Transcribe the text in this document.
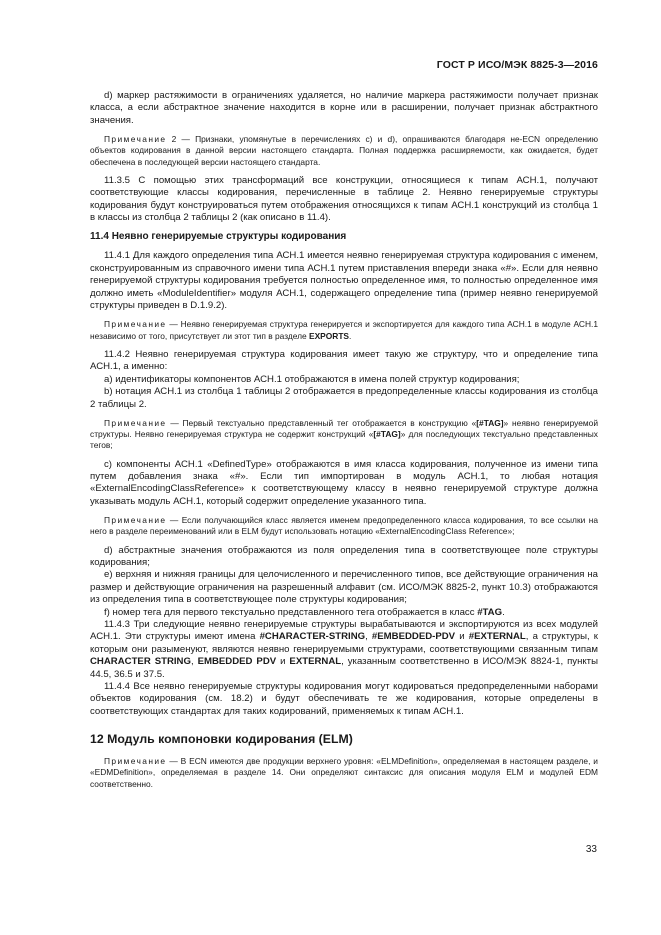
ГОСТ Р ИСО/МЭК 8825-3—2016

d) маркер растяжимости в ограничениях удаляется, но наличие маркера растяжимости получает признак класса, а если абстрактное значение находится в корне или в расширении, получает признак абстрактного значения.

Примечание 2 — Признаки, упомянутые в перечислениях c) и d), опрашиваются благодаря не-ECN определению объектов кодирования в данной версии настоящего стандарта. Полная поддержка расширяемости, как ожидается, будет обеспечена в последующей версии настоящего стандарта.

11.3.5 С помощью этих трансформаций все конструкции, относящиеся к типам АСН.1, получают соответствующие классы кодирования, перечисленные в таблице 2. Неявно генерируемые структуры кодирования будут конструироваться путем отображения относящихся к типам АСН.1 конструкций из столбца 1 в классы из столбца 2 таблицы 2 (как описано в 11.4).

11.4 Неявно генерируемые структуры кодирования

11.4.1 Для каждого определения типа АСН.1 имеется неявно генерируемая структура кодирования с именем, сконструированным из справочного имени типа АСН.1 путем приставления впереди знака «#». Если для неявно генерируемой структуры кодирования требуется полностью определенное имя, то полностью определенное имя должно иметь «ModuleIdentifier» модуля АСН.1, содержащего определение типа (пример неявно генерируемой структуры приведен в D.1.9.2).

Примечание — Неявно генерируемая структура генерируется и экспортируется для каждого типа АСН.1 в модуле АСН.1 независимо от того, присутствует ли этот тип в разделе EXPORTS.

11.4.2 Неявно генерируемая структура кодирования имеет такую же структуру, что и определение типа АСН.1, а именно:

a) идентификаторы компонентов АСН.1 отображаются в имена полей структур кодирования;

b) нотация АСН.1 из столбца 1 таблицы 2 отображается в предопределенные классы кодирования из столбца 2 таблицы 2.

Примечание — Первый текстуально представленный тег отображается в конструкцию «[#TAG]» неявно генерируемой структуры. Неявно генерируемая структура не содержит конструкций «[#TAG]» для последующих текстуально представленных тегов;

c) компоненты АСН.1 «DefinedType» отображаются в имя класса кодирования, полученное из имени типа путем добавления знака «#». Если тип импортирован в модуль АСН.1, то любая нотация «ExternalEncodingClassReference» к соответствующему классу в неявно генерируемой структуре должна указывать модуль АСН.1, который содержит определение указанного типа.

Примечание — Если получающийся класс является именем предопределенного класса кодирования, то все ссылки на него в разделе переименований или в ELM будут использовать нотацию «ExternalEncodingClass Reference»;

d) абстрактные значения отображаются из поля определения типа в соответствующее поле структуры кодирования;

e) верхняя и нижняя границы для целочисленного и перечисленного типов, все действующие ограничения на размер и действующие ограничения на разрешенный алфавит (см. ИСО/МЭК 8825-2, пункт 10.3) отображаются из определения типа в соответствующее поле структуры кодирования;

f) номер тега для первого текстуально представленного тега отображается в класс #TAG.

11.4.3 Три следующие неявно генерируемые структуры вырабатываются и экспортируются из всех модулей АСН.1. Эти структуры имеют имена #CHARACTER-STRING, #EMBEDDED-PDV и #EXTERNAL, а структуры, к которым они разыменуют, являются неявно генерируемыми структурами, соответствующими связанным типам CHARACTER STRING, EMBEDDED PDV и EXTERNAL, указанным соответственно в ИСО/МЭК 8824-1, пункты 44.5, 36.5 и 37.5.

11.4.4 Все неявно генерируемые структуры кодирования могут кодироваться предопределенными наборами объектов кодирования (см. 18.2) и будут обеспечивать те же кодирования, которые определены в соответствующих стандартах для таких кодирований, применяемых к типам АСН.1.

12 Модуль компоновки кодирования (ELM)

Примечание — В ECN имеются две продукции верхнего уровня: «ELMDefinition», определяемая в настоящем разделе, и «EDMDefinition», определяемая в разделе 14. Они определяют синтаксис для описания модуля ELM и модулей EDM соответственно.

33
